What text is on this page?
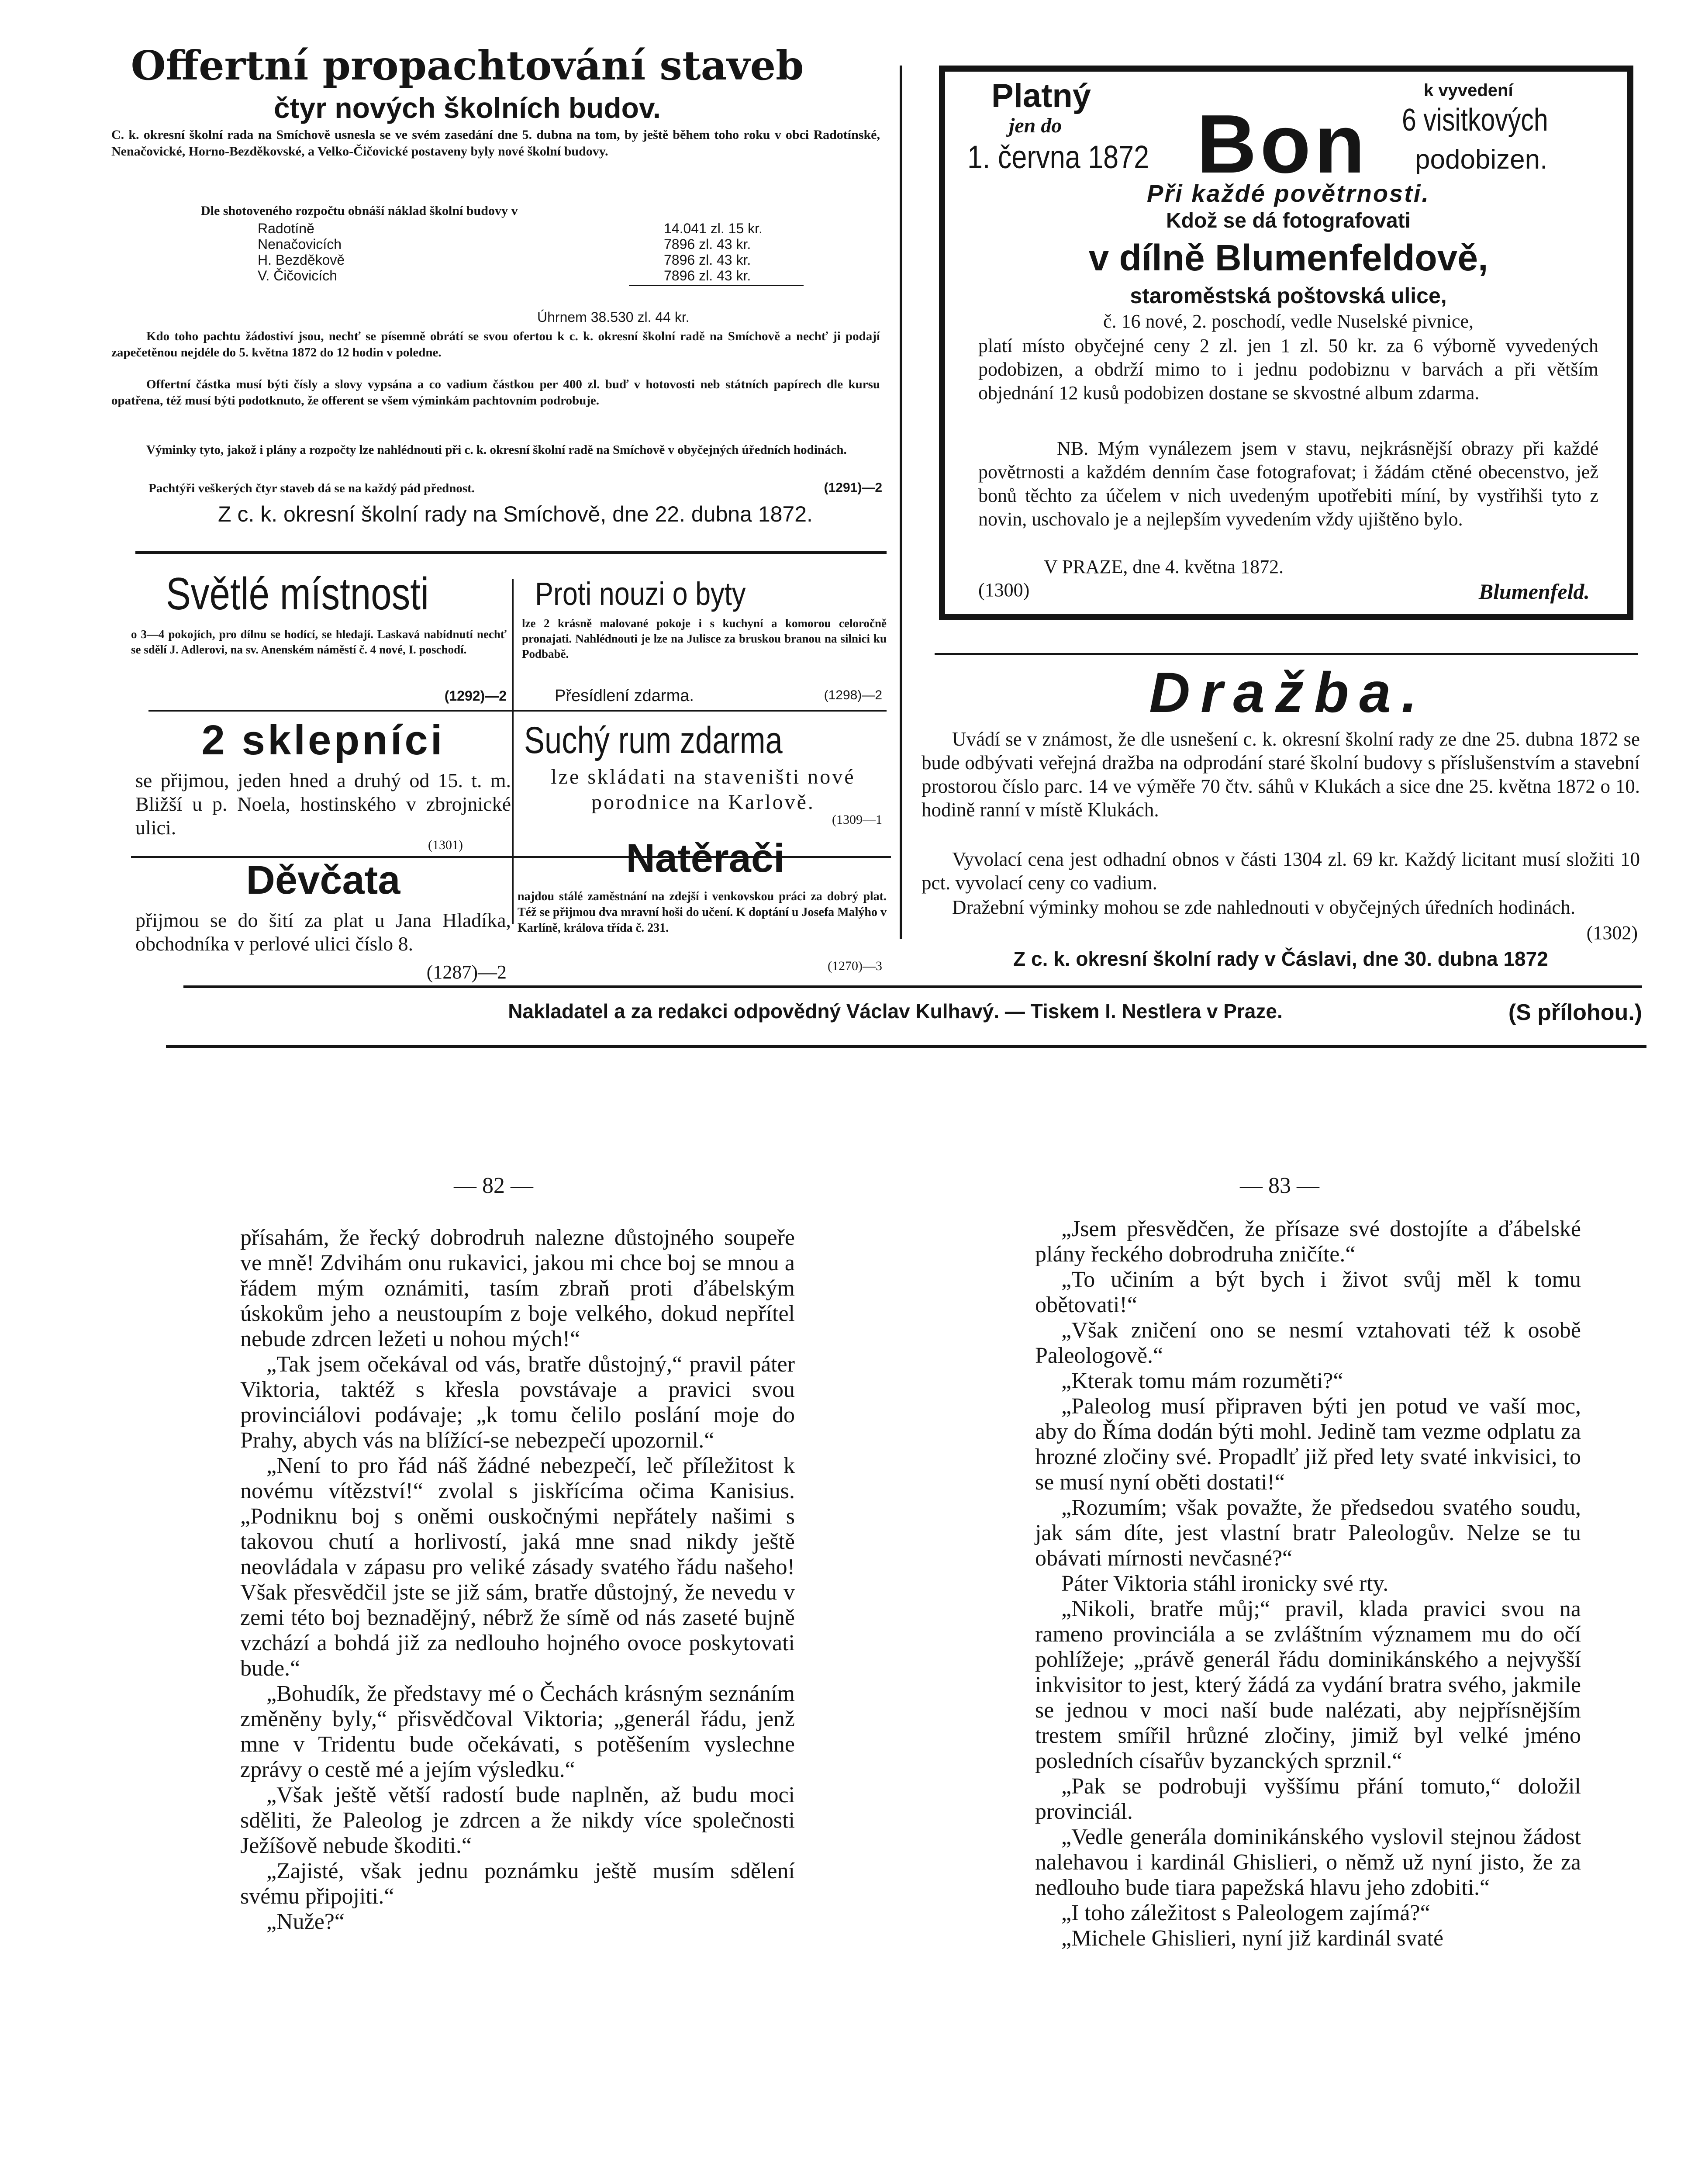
Offertní propachtování staveb
čtyr nových školních budov.
C. k. okresní školní rada na Smíchově usnesla se ve svém zasedání dne 5. dubna na tom, by ještě během toho roku v obci Radotínské, Nenačovické, Horno-Bezděkovské, a Velko-Čičovické postaveny byly nové školní budovy.
Dle shotoveného rozpočtu obnáší náklad školní budovy v
Radotíně	14.041 zl. 15 kr.
Nenačovicích	7896 zl. 43 kr.
H. Bezděkově	7896 zl. 43 kr.
V. Čičovicích	7896 zl. 43 kr.
Úhrnem 38.530 zl. 44 kr.
Kdo toho pachtu žádostiví jsou, nechť se písemně obrátí se svou ofertou k c. k. okresní školní radě na Smíchově a nechť ji podají zapečetěnou nejdéle do 5. května 1872 do 12 hodin v poledne.
Offertní částka musí býti čísly a slovy vypsána a co vadium částkou per 400 zl. buď v hotovosti neb státních papírech dle kursu opatřena, též musí býti podotknuto, že offerent se všem výminkám pachtovním podrobuje.
Výminky tyto, jakož i plány a rozpočty lze nahlédnouti při c. k. okresní školní radě na Smíchově v obyčejných úředních hodinách.
Pachtýři veškerých čtyr staveb dá se na každý pád přednost.	(1291)—2
Z c. k. okresní školní rady na Smíchově, dne 22. dubna 1872.
Světlé místnosti
o 3—4 pokojích, pro dílnu se hodící, se hledají. Laskavá nabídnutí nechť se sdělí J. Adlerovi, na sv. Anenském náměstí č. 4 nové, I. poschodí.
(1292)—2
Proti nouzi o byty
lze 2 krásně malované pokoje i s kuchyní a komorou celoročně pronajati. Nahlédnouti je lze na Julisce za bruskou branou na silnici ku Podbabě.
Přesídlení zdarma.	(1298)—2
2 sklepníci
se přijmou, jeden hned a druhý od 15. t. m. Bližší u p. Noela, hostinského v zbrojnické ulici.
(1301)
Suchý rum zdarma
lze skládati na staveništi nové porodnice na Karlově.
(1309—1
Děvčata
přijmou se do šití za plat u Jana Hladíka, obchodníka v perlové ulici číslo 8.
(1287)—2
Natěrači
najdou stálé zaměstnání na zdejší i venkovskou práci za dobrý plat. Též se přijmou dva mravní hoši do učení. K doptání u Josefa Malýho v Karlíně, králova třída č. 231.
(1270)—3
Platný
jen do
1. června 1872 Bon
k vyvedení
6 visitkových
podobizen.
Při každé povětrnosti.
Kdož se dá fotografovati
v dílně Blumenfeldově,
staroměstská poštovská ulice,
č. 16 nové, 2. poschodí, vedle Nuselské pivnice,
platí místo obyčejné ceny 2 zl. jen 1 zl. 50 kr. za 6 výborně vyvedených podobizen, a obdrží mimo to i jednu podobiznu v barvách a při větším objednání 12 kusů podobizen dostane se skvostné album zdarma.
NB. Mým vynálezem jsem v stavu, nejkrásnější obrazy při každé povětrnosti a každém denním čase fotografovat; i žádám ctěné obecenstvo, jež bonů těchto za účelem v nich uvedeným upotřebiti míní, by vystřihši tyto z novin, uschovalo je a nejlepším vyvedením vždy ujištěno bylo.
V PRAZE, dne 4. května 1872.
(1300)	Blumenfeld.
Dražba.
Uvádí se v známost, že dle usnešení c. k. okresní školní rady ze dne 25. dubna 1872 se bude odbývati veřejná dražba na odprodání staré školní budovy s příslušenstvím a stavební prostorou číslo parc. 14 ve výměře 70 čtv. sáhů v Klukách a sice dne 25. května 1872 o 10. hodině ranní v místě Klukách.
Vyvolací cena jest odhadní obnos v části 1304 zl. 69 kr. Každý licitant musí složiti 10 pct. vyvolací ceny co vadium.
Dražební výminky mohou se zde nahlednouti v obyčejných úředních hodinách.
(1302)
Z c. k. okresní školní rady v Čáslavi, dne 30. dubna 1872
Nakladatel a za redakci odpovědný Václav Kulhavý. — Tiskem I. Nestlera v Praze.	(S přílohou.)
— 82 —	— 83 —

přísahám, že řecký dobrodruh nalezne důstojného soupeře ve mně! Zdvihám onu rukavici, jakou mi chce boj se mnou a řádem mým oznámiti, tasím zbraň proti ďábelským úskokům jeho a neustoupím z boje velkého, dokud nepřítel nebude zdrcen ležeti u nohou mých!“

„Tak jsem očekával od vás, bratře důstojný,“ pravil páter Viktoria, taktéž s křesla povstávaje a pravici svou provinciálovi podávaje; „k tomu čelilo poslání moje do Prahy, abych vás na blížící-se nebezpečí upozornil.“

„Není to pro řád náš žádné nebezpečí, leč příležitost k novému vítězství!“ zvolal s jiskřícíma očima Kanisius. „Podniknu boj s oněmi ouskočnými nepřátely našimi s takovou chutí a horlivostí, jaká mne snad nikdy ještě neovládala v zápasu pro veliké zásady svatého řádu našeho! Však přesvědčil jste se již sám, bratře důstojný, že nevedu v zemi této boj beznadějný, nébrž že símě od nás zaseté bujně vzchází a bohdá již za nedlouho hojného ovoce poskytovati bude.“

„Bohudík, že představy mé o Čechách krásným seznáním změněny byly,“ přisvědčoval Viktoria; „generál řádu, jenž mne v Tridentu bude očekávati, s potěšením vyslechne zprávy o cestě mé a jejím výsledku.“

„Však ještě větší radostí bude naplněn, až budu moci sděliti, že Paleolog je zdrcen a že nikdy více společnosti Ježíšově nebude škoditi.“

„Zajisté, však jednu poznámku ještě musím sdělení svému připojiti.“

„Nuže?“

„Jsem přesvědčen, že přísaze své dostojíte a ďábelské plány řeckého dobrodruha zničíte.“

„To učiním a být bych i život svůj měl k tomu obětovati!“

„Však zničení ono se nesmí vztahovati též k osobě Paleologově.“

„Kterak tomu mám rozuměti?“

„Paleolog musí připraven býti jen potud ve vaší moc, aby do Říma dodán býti mohl. Jedině tam vezme odplatu za hrozné zločiny své. Propadlť již před lety svaté inkvisici, to se musí nyní oběti dostati!“

„Rozumím; však považte, že předsedou svatého soudu, jak sám díte, jest vlastní bratr Paleologův. Nelze se tu obávati mírnosti nevčasné?“

Páter Viktoria stáhl ironicky své rty.

„Nikoli, bratře můj;“ pravil, klada pravici svou na rameno provinciála a se zvláštním významem mu do očí pohlížeje; „právě generál řádu dominikánského a nejvyšší inkvisitor to jest, který žádá za vydání bratra svého, jakmile se jednou v moci naší bude nalézati, aby nejpřísnějším trestem smířil hrůzné zločiny, jimiž byl velké jméno posledních císařův byzanckých sprznil.“

„Pak se podrobuji vyššímu přání tomuto,“ doložil provinciál.

„Vedle generála dominikánského vyslovil stejnou žádost nalehavou i kardinál Ghislieri, o němž už nyní jisto, že za nedlouho bude tiara papežská hlavu jeho zdobiti.“

„I toho záležitost s Paleologem zajímá?“

„Michele Ghislieri, nyní již kardinál svaté
